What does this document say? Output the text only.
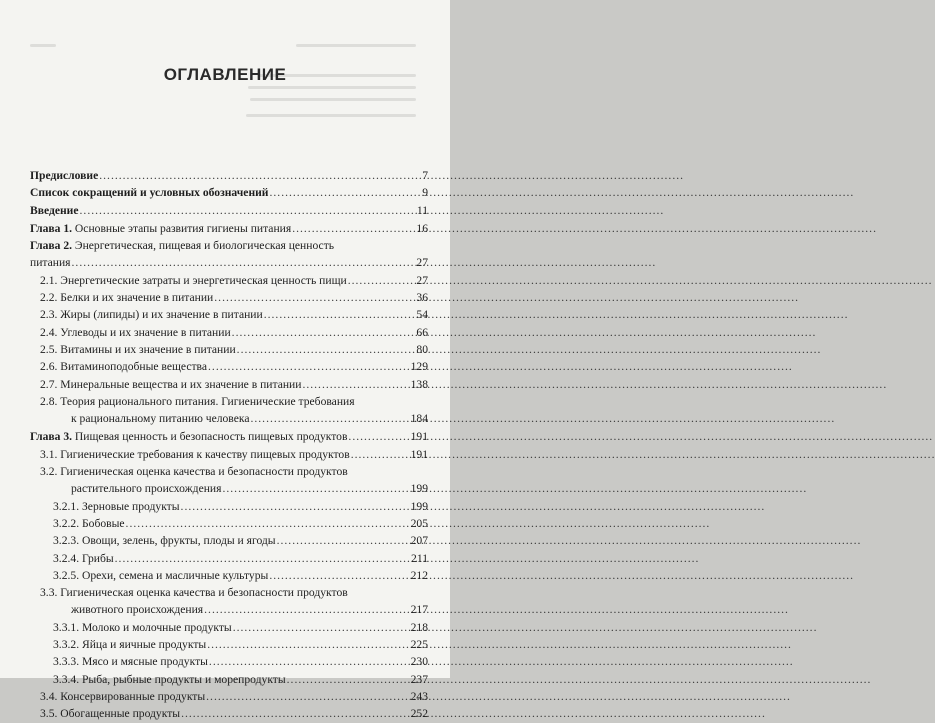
ОГЛАВЛЕНИЕ
Предисловие .....	7
Список сокращений и условных обозначений .....	9
Введение .....	11
Глава 1. Основные этапы развития гигиены питания .....	16
Глава 2. Энергетическая, пищевая и биологическая ценность
питания .....	27
2.1. Энергетические затраты и энергетическая ценность пищи .....	27
2.2. Белки и их значение в питании .....	36
2.3. Жиры (липиды) и их значение в питании .....	54
2.4. Углеводы и их значение в питании .....	66
2.5. Витамины и их значение в питании .....	80
2.6. Витаминоподобные вещества .....	129
2.7. Минеральные вещества и их значение в питании .....	138
2.8. Теория рационального питания. Гигиенические требования
к рациональному питанию человека .....	184
Глава 3. Пищевая ценность и безопасность пищевых продуктов .....	191
3.1. Гигиенические требования к качеству пищевых продуктов .....	191
3.2. Гигиеническая оценка качества и безопасности продуктов
растительного происхождения .....	199
3.2.1. Зерновые продукты .....	199
3.2.2. Бобовые .....	205
3.2.3. Овощи, зелень, фрукты, плоды и ягоды .....	207
3.2.4. Грибы .....	211
3.2.5. Орехи, семена и масличные культуры .....	212
3.3. Гигиеническая оценка качества и безопасности продуктов
животного происхождения .....	217
3.3.1. Молоко и молочные продукты .....	218
3.3.2. Яйца и яичные продукты .....	225
3.3.3. Мясо и мясные продукты .....	230
3.3.4. Рыба, рыбные продукты и морепродукты .....	237
3.4. Консервированные продукты .....	243
3.5. Обогащенные продукты .....	252
